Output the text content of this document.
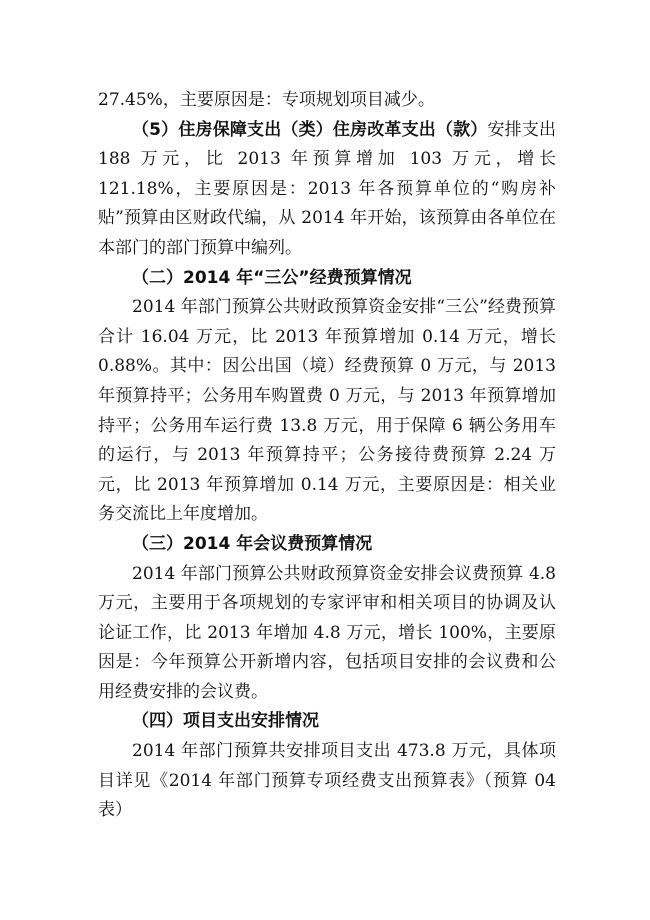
27.45%，主要原因是：专项规划项目减少。

（5）住房保障支出（类）住房改革支出（款）安排支出 188 万元，比 2013 年预算增加 103 万元，增长 121.18%，主要原因是：2013 年各预算单位的“购房补贴”预算由区财政代编，从 2014 年开始，该预算由各单位在本部门的部门预算中编列。

（二）2014 年“三公”经费预算情况

2014 年部门预算公共财政预算资金安排“三公”经费预算合计 16.04 万元，比 2013 年预算增加 0.14 万元，增长 0.88%。其中：因公出国（境）经费预算 0 万元，与 2013 年预算持平；公务用车购置费 0 万元，与 2013 年预算增加持平；公务用车运行费 13.8 万元，用于保障 6 辆公务用车的运行，与 2013 年预算持平；公务接待费预算 2.24 万元，比 2013 年预算增加 0.14 万元，主要原因是：相关业务交流比上年度增加。

（三）2014 年会议费预算情况

2014 年部门预算公共财政预算资金安排会议费预算 4.8 万元，主要用于各项规划的专家评审和相关项目的协调及认论证工作，比 2013 年增加 4.8 万元，增长 100%，主要原因是：今年预算公开新增内容，包括项目安排的会议费和公用经费安排的会议费。

（四）项目支出安排情况

2014 年部门预算共安排项目支出 473.8 万元，具体项目详见《2014 年部门预算专项经费支出预算表》（预算 04 表）
